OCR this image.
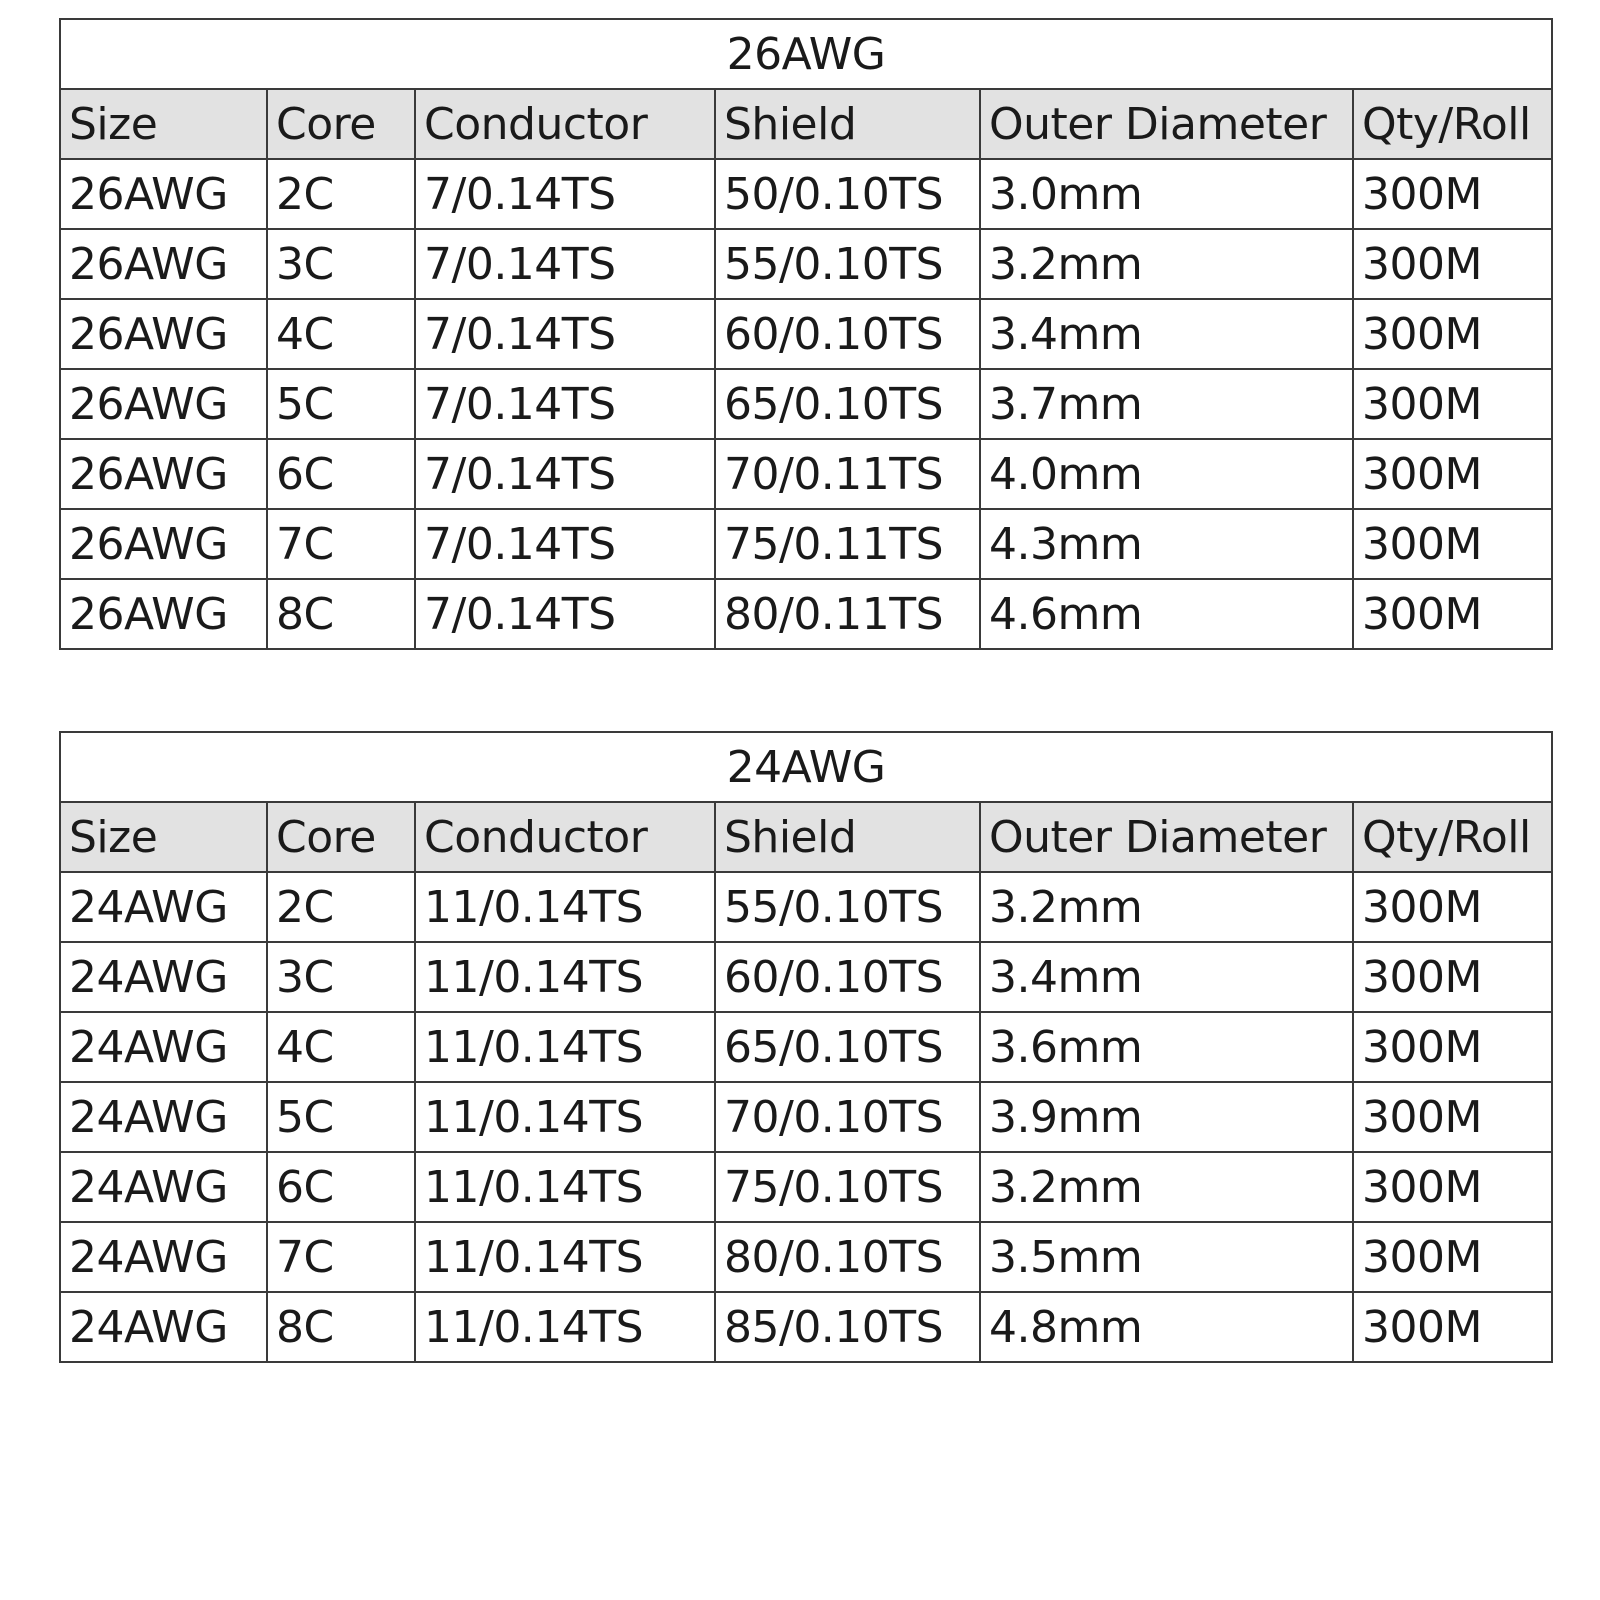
26AWG					
Size	Core	Conductor	Shield	Outer Diameter	Qty/Roll
26AWG	2C	7/0.14TS	50/0.10TS	3.0mm	300M
26AWG	3C	7/0.14TS	55/0.10TS	3.2mm	300M
26AWG	4C	7/0.14TS	60/0.10TS	3.4mm	300M
26AWG	5C	7/0.14TS	65/0.10TS	3.7mm	300M
26AWG	6C	7/0.14TS	70/0.11TS	4.0mm	300M
26AWG	7C	7/0.14TS	75/0.11TS	4.3mm	300M
26AWG	8C	7/0.14TS	80/0.11TS	4.6mm	300M
24AWG					
Size	Core	Conductor	Shield	Outer Diameter	Qty/Roll
24AWG	2C	11/0.14TS	55/0.10TS	3.2mm	300M
24AWG	3C	11/0.14TS	60/0.10TS	3.4mm	300M
24AWG	4C	11/0.14TS	65/0.10TS	3.6mm	300M
24AWG	5C	11/0.14TS	70/0.10TS	3.9mm	300M
24AWG	6C	11/0.14TS	75/0.10TS	3.2mm	300M
24AWG	7C	11/0.14TS	80/0.10TS	3.5mm	300M
24AWG	8C	11/0.14TS	85/0.10TS	4.8mm	300M
